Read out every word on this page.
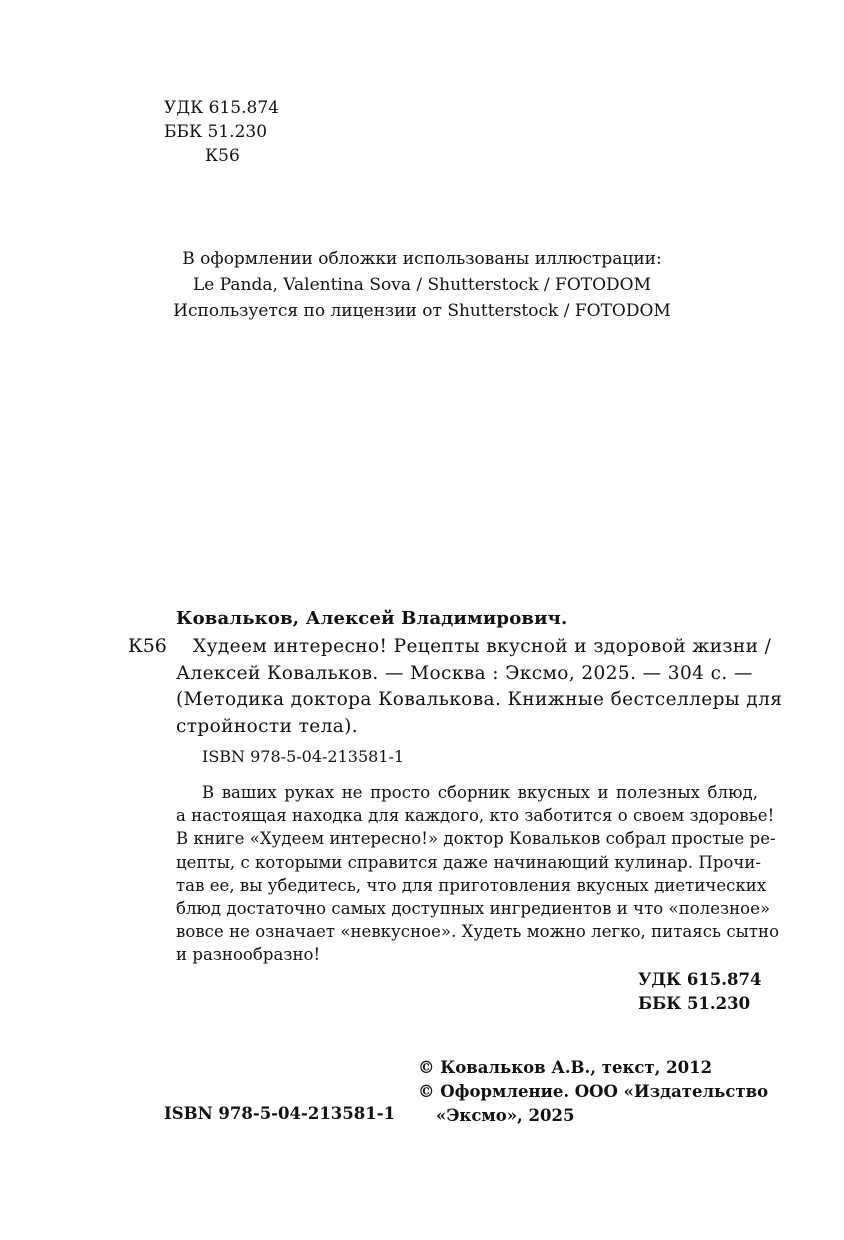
УДК 615.874
ББК 51.230
К56
В оформлении обложки использованы иллюстрации:
Le Panda, Valentina Sova / Shutterstock / FOTODOM
Используется по лицензии от Shutterstock / FOTODOM
Ковальков, Алексей Владимирович.
К56	Худеем интересно! Рецепты вкусной и здоровой жизни /
Алексей Ковальков. — Москва : Эксмо, 2025. — 304 с. —
(Методика доктора Ковалькова. Книжные бестселлеры для
стройности тела).
ISBN 978-5-04-213581-1
В ваших руках не просто сборник вкусных и полезных блюд,
а настоящая находка для каждого, кто заботится о своем здоровье!
В книге «Худеем интересно!» доктор Ковальков собрал простые ре-
цепты, с которыми справится даже начинающий кулинар. Прочи-
тав ее, вы убедитесь, что для приготовления вкусных диетических
блюд достаточно самых доступных ингредиентов и что «полезное»
вовсе не означает «невкусное». Худеть можно легко, питаясь сытно
и разнообразно!
УДК 615.874
ББК 51.230
© Ковальков А.В., текст, 2012
© Оформление. ООО «Издательство
«Эксмо», 2025
ISBN 978-5-04-213581-1
